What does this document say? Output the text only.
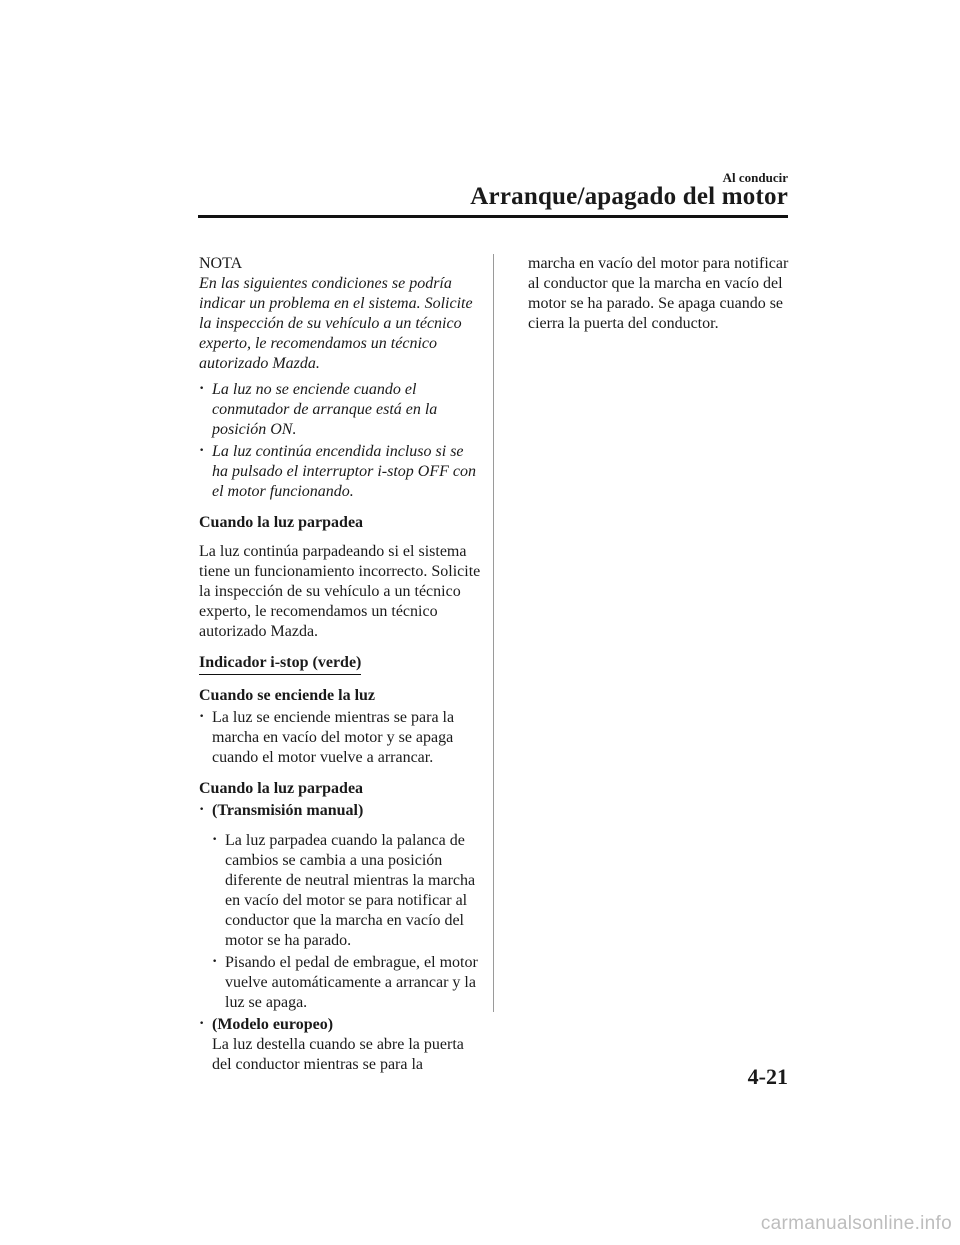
Al conducir
Arranque/apagado del motor

NOTA

En las siguientes condiciones se podría indicar un problema en el sistema. Solicite la inspección de su vehículo a un técnico experto, le recomendamos un técnico autorizado Mazda.

· La luz no se enciende cuando el conmutador de arranque está en la posición ON.
· La luz continúa encendida incluso si se ha pulsado el interruptor i-stop OFF con el motor funcionando.

Cuando la luz parpadea

La luz continúa parpadeando si el sistema tiene un funcionamiento incorrecto. Solicite la inspección de su vehículo a un técnico experto, le recomendamos un técnico autorizado Mazda.

Indicador i-stop (verde)

Cuando se enciende la luz

· La luz se enciende mientras se para la marcha en vacío del motor y se apaga cuando el motor vuelve a arrancar.

Cuando la luz parpadea

· (Transmisión manual)
· La luz parpadea cuando la palanca de cambios se cambia a una posición diferente de neutral mientras la marcha en vacío del motor se para notificar al conductor que la marcha en vacío del motor se ha parado.
· Pisando el pedal de embrague, el motor vuelve automáticamente a arrancar y la luz se apaga.
· (Modelo europeo)
La luz destella cuando se abre la puerta del conductor mientras se para la

marcha en vacío del motor para notificar al conductor que la marcha en vacío del motor se ha parado. Se apaga cuando se cierra la puerta del conductor.

4-21
carmanualsonline.info
